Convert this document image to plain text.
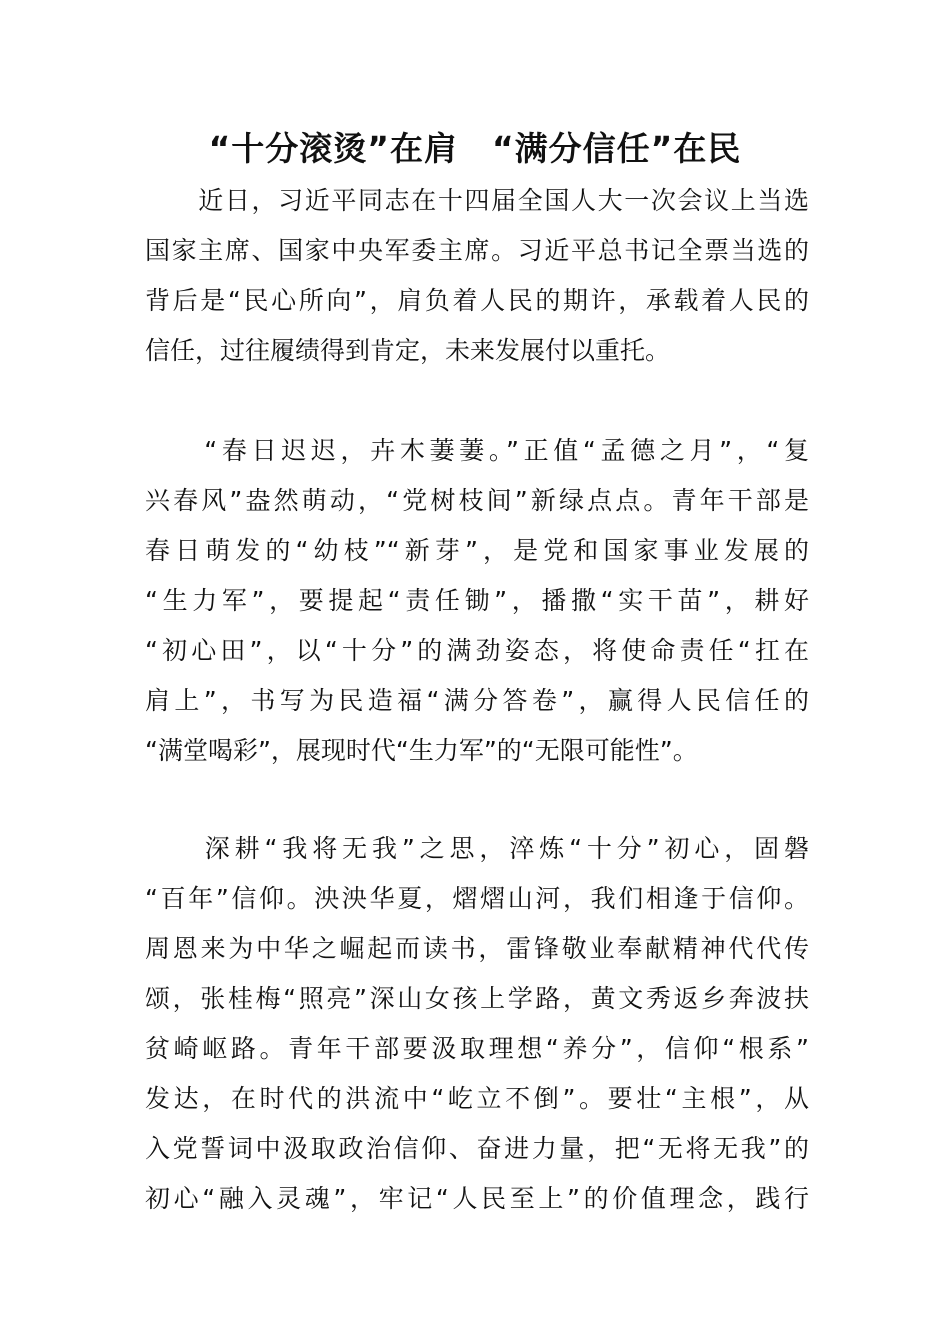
“十分滚烫”在肩　“满分信任”在民

　　近日，习近平同志在十四届全国人大一次会议上当选
国家主席、国家中央军委主席。习近平总书记全票当选的
背后是“民心所向”，肩负着人民的期许，承载着人民的
信任，过往履绩得到肯定，未来发展付以重托。

　　“春日迟迟，卉木萋萋。”正值“孟德之月”，“复
兴春风”盎然萌动，“党树枝间”新绿点点。青年干部是
春日萌发的“幼枝”“新芽”，是党和国家事业发展的
“生力军”，要提起“责任锄”，播撒“实干苗”，耕好
“初心田”，以“十分”的满劲姿态，将使命责任“扛在
肩上”，书写为民造福“满分答卷”，赢得人民信任的
“满堂喝彩”，展现时代“生力军”的“无限可能性”。

　　深耕“我将无我”之思，淬炼“十分”初心，固磐
“百年”信仰。泱泱华夏，熠熠山河，我们相逢于信仰。
周恩来为中华之崛起而读书，雷锋敬业奉献精神代代传
颂，张桂梅“照亮”深山女孩上学路，黄文秀返乡奔波扶
贫崎岖路。青年干部要汲取理想“养分”，信仰“根系”
发达，在时代的洪流中“屹立不倒”。要壮“主根”，从
入党誓词中汲取政治信仰、奋进力量，把“无将无我”的
初心“融入灵魂”，牢记“人民至上”的价值理念，践行
